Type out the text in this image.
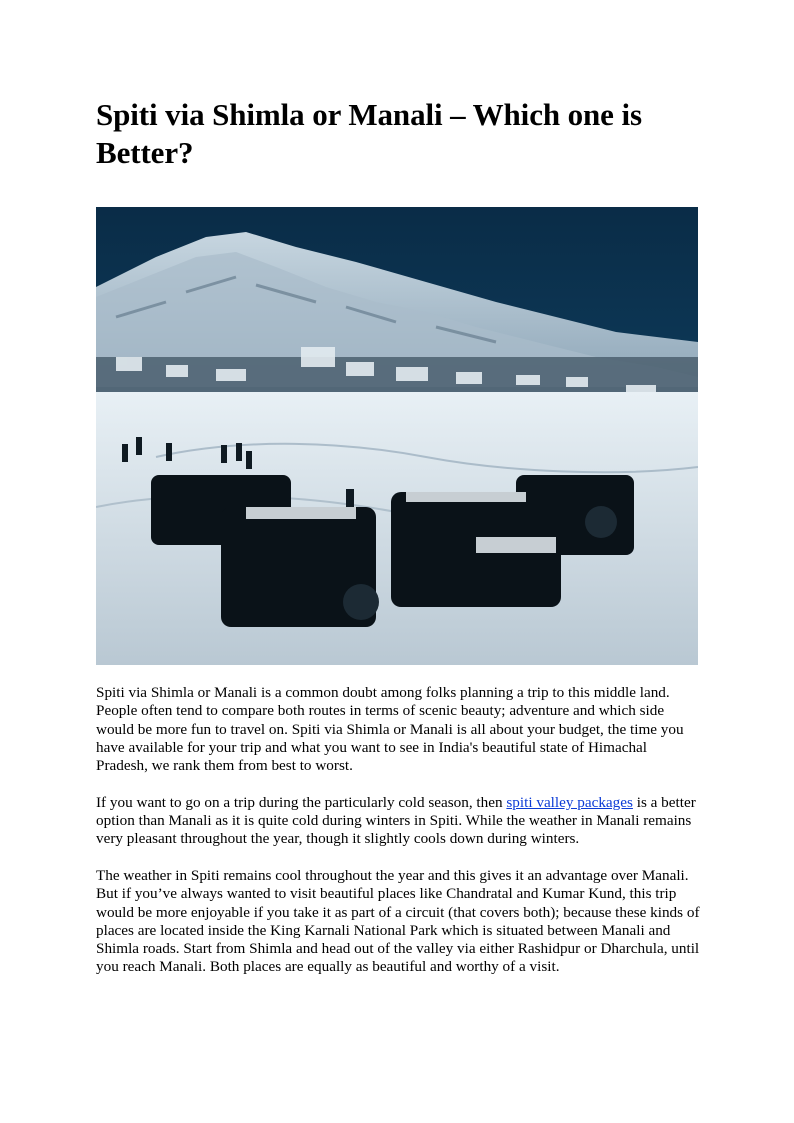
Spiti via Shimla or Manali – Which one is Better?

Spiti via Shimla or Manali is a common doubt among folks planning a trip to this middle land. People often tend to compare both routes in terms of scenic beauty; adventure and which side would be more fun to travel on. Spiti via Shimla or Manali is all about your budget, the time you have available for your trip and what you want to see in India's beautiful state of Himachal Pradesh, we rank them from best to worst.

If you want to go on a trip during the particularly cold season, then spiti valley packages is a better option than Manali as it is quite cold during winters in Spiti. While the weather in Manali remains very pleasant throughout the year, though it slightly cools down during winters.

The weather in Spiti remains cool throughout the year and this gives it an advantage over Manali. But if you’ve always wanted to visit beautiful places like Chandratal and Kumar Kund, this trip would be more enjoyable if you take it as part of a circuit (that covers both); because these kinds of places are located inside the King Karnali National Park which is situated between Manali and Shimla roads. Start from Shimla and head out of the valley via either Rashidpur or Dharchula, until you reach Manali. Both places are equally as beautiful and worthy of a visit.
